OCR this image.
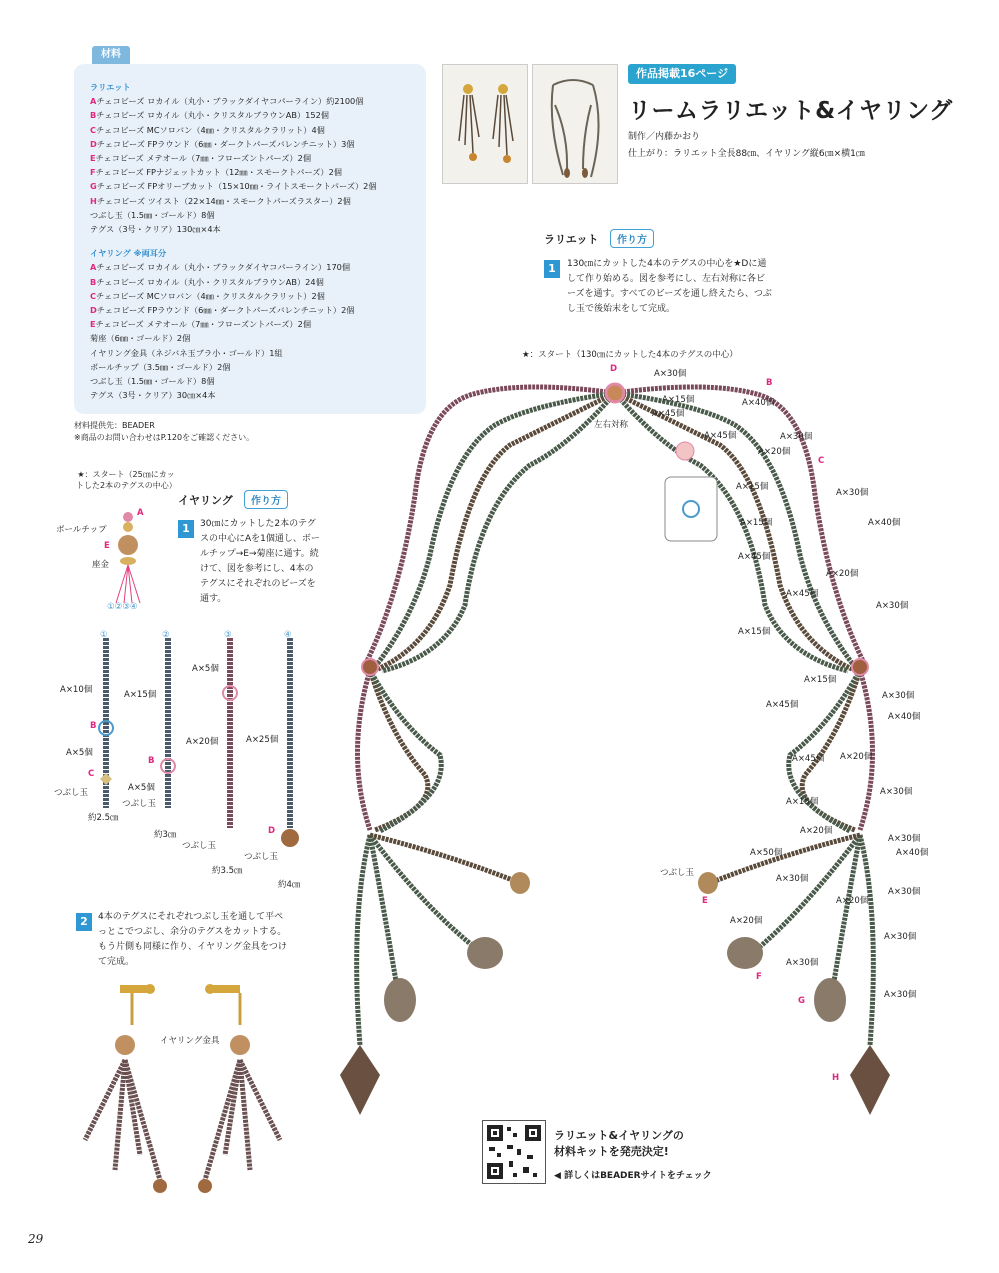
材料
ラリエット
Aチェコビーズ ロカイル（丸小・ブラックダイヤコパーライン）約2100個
Bチェコビーズ ロカイル（丸小・クリスタルブラウンAB）152個
Cチェコビーズ MCソロバン（4㎜・クリスタルクラリット）4個
Dチェコビーズ FPラウンド（6㎜・ダークトパーズバレンチニット）3個
Eチェコビーズ メテオール（7㎜・フローズントパーズ）2個
Fチェコビーズ FPナジェットカット（12㎜・スモークトパーズ）2個
Gチェコビーズ FPオリーブカット（15×10㎜・ライトスモークトパーズ）2個
Hチェコビーズ ツイスト（22×14㎜・スモークトパーズラスター）2個
つぶし玉（1.5㎜・ゴールド）8個
テグス（3号・クリア）130㎝×4本
イヤリング ※両耳分
Aチェコビーズ ロカイル（丸小・ブラックダイヤコパーライン）170個
Bチェコビーズ ロカイル（丸小・クリスタルブラウンAB）24個
Cチェコビーズ MCソロバン（4㎜・クリスタルクラリット）2個
Dチェコビーズ FPラウンド（6㎜・ダークトパーズバレンチニット）2個
Eチェコビーズ メテオール（7㎜・フローズントパーズ）2個
菊座（6㎜・ゴールド）2個
イヤリング金具（ネジバネ玉ブラ小・ゴールド）1組
ボールチップ（3.5㎜・ゴールド）2個
つぶし玉（1.5㎜・ゴールド）8個
テグス（3号・クリア）30㎝×4本
材料提供先：BEADER
※商品のお問い合わせはP.120をご確認ください。
作品掲載16ページ
リームラリエット&イヤリング
制作／内藤かおり
仕上がり：ラリエット全長88㎝、イヤリング縦6㎝×横1㎝
ラリエット	作り方
1	130㎝にカットした4本のテグスの中心を★Dに通して作り始める。図を参考にし、左右対称に各ビーズを通す。すべてのビーズを通し終えたら、つぶし玉で後始末をして完成。
★：スタート（130㎝にカットした4本のテグスの中心）
左右対称
D	A×30個
B
A×15個	A×40個
A×45個
A×45個	A×30個
A×20個
C
A×15個
A×30個
A×15個	A×40個
A×45個
A×20個
A×45個
A×30個
A×15個
A×15個
A×30個
A×45個
A×40個
A×45個 A×20個
A×30個
A×15個
A×20個
A×30個
A×50個	A×40個
A×30個
A×20個
A×30個
A×20個
A×30個
A×30個
A×30個
E
F
G
H
つぶし玉
★：スタート（25㎝にカットした2本のテグスの中心）
ボールチップ
A
E
座金
①②③④
イヤリング	作り方
1	30㎝にカットした2本のテグスの中心にAを1個通し、ボールチップ→E→菊座に通す。続けて、図を参考にし、4本のテグスにそれぞれのビーズを通す。
①	②	③	④
A×10個
B
A×5個
C
つぶし玉
約2.5㎝
A×15個
B
A×5個
つぶし玉
約3㎝
A×5個
A×20個
つぶし玉
約3.5㎝
A×25個
D
つぶし玉
約4㎝
2	4本のテグスにそれぞれつぶし玉を通して平ペっとこでつぶし、余分のテグスをカットする。もう片側も同様に作り、イヤリング金具をつけて完成。
イヤリング金具
ラリエット&イヤリングの
材料キットを発売決定!
◀ 詳しくはBEADERサイトをチェック
29
